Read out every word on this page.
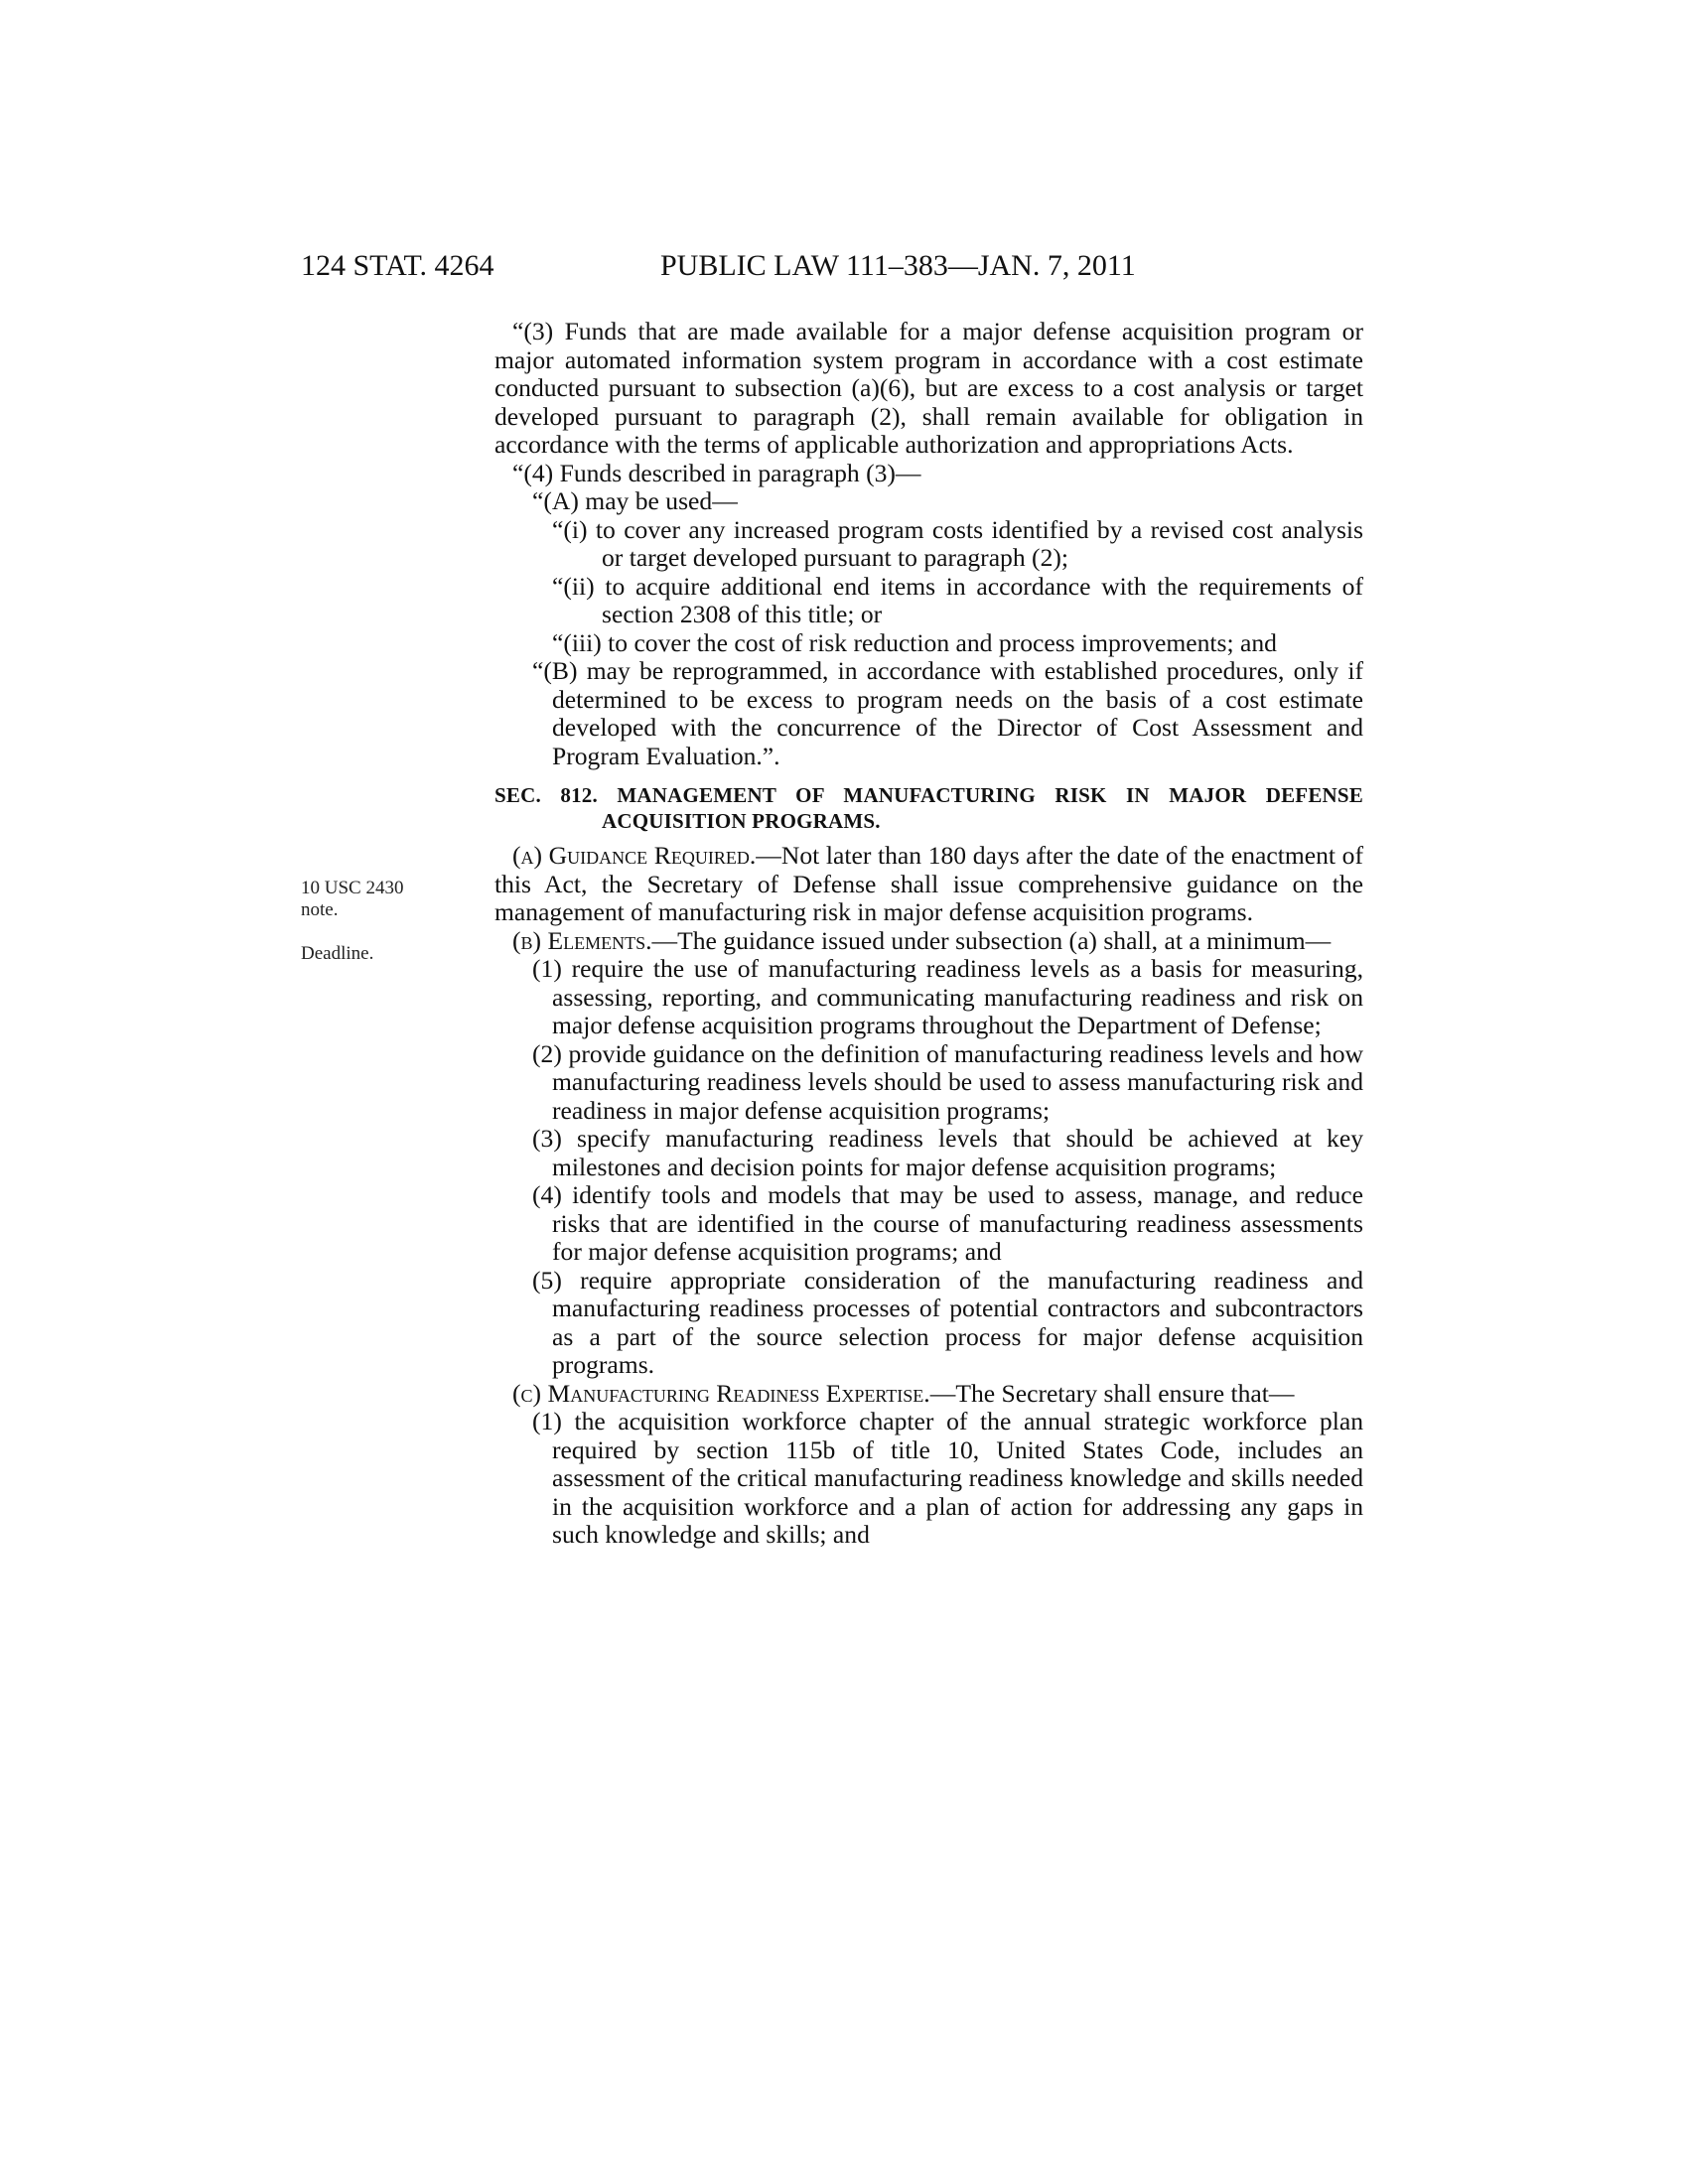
124 STAT. 4264	PUBLIC LAW 111–383—JAN. 7, 2011
10 USC 2430
note.
Deadline.

“(3) Funds that are made available for a major defense acquisition program or major automated information system program in accordance with a cost estimate conducted pursuant to subsection (a)(6), but are excess to a cost analysis or target developed pursuant to paragraph (2), shall remain available for obligation in accordance with the terms of applicable authorization and appropriations Acts.

“(4) Funds described in paragraph (3)—

“(A) may be used—

“(i) to cover any increased program costs identified by a revised cost analysis or target developed pursuant to paragraph (2);

“(ii) to acquire additional end items in accordance with the requirements of section 2308 of this title; or

“(iii) to cover the cost of risk reduction and process improvements; and

“(B) may be reprogrammed, in accordance with established procedures, only if determined to be excess to program needs on the basis of a cost estimate developed with the concurrence of the Director of Cost Assessment and Program Evaluation.”.

SEC. 812. MANAGEMENT OF MANUFACTURING RISK IN MAJOR DEFENSE ACQUISITION PROGRAMS.

(a) Guidance Required.—Not later than 180 days after the date of the enactment of this Act, the Secretary of Defense shall issue comprehensive guidance on the management of manufacturing risk in major defense acquisition programs.

(b) Elements.—The guidance issued under subsection (a) shall, at a minimum—

(1) require the use of manufacturing readiness levels as a basis for measuring, assessing, reporting, and communicating manufacturing readiness and risk on major defense acquisition programs throughout the Department of Defense;

(2) provide guidance on the definition of manufacturing readiness levels and how manufacturing readiness levels should be used to assess manufacturing risk and readiness in major defense acquisition programs;

(3) specify manufacturing readiness levels that should be achieved at key milestones and decision points for major defense acquisition programs;

(4) identify tools and models that may be used to assess, manage, and reduce risks that are identified in the course of manufacturing readiness assessments for major defense acquisition programs; and

(5) require appropriate consideration of the manufacturing readiness and manufacturing readiness processes of potential contractors and subcontractors as a part of the source selection process for major defense acquisition programs.

(c) Manufacturing Readiness Expertise.—The Secretary shall ensure that—

(1) the acquisition workforce chapter of the annual strategic workforce plan required by section 115b of title 10, United States Code, includes an assessment of the critical manufacturing readiness knowledge and skills needed in the acquisition workforce and a plan of action for addressing any gaps in such knowledge and skills; and
